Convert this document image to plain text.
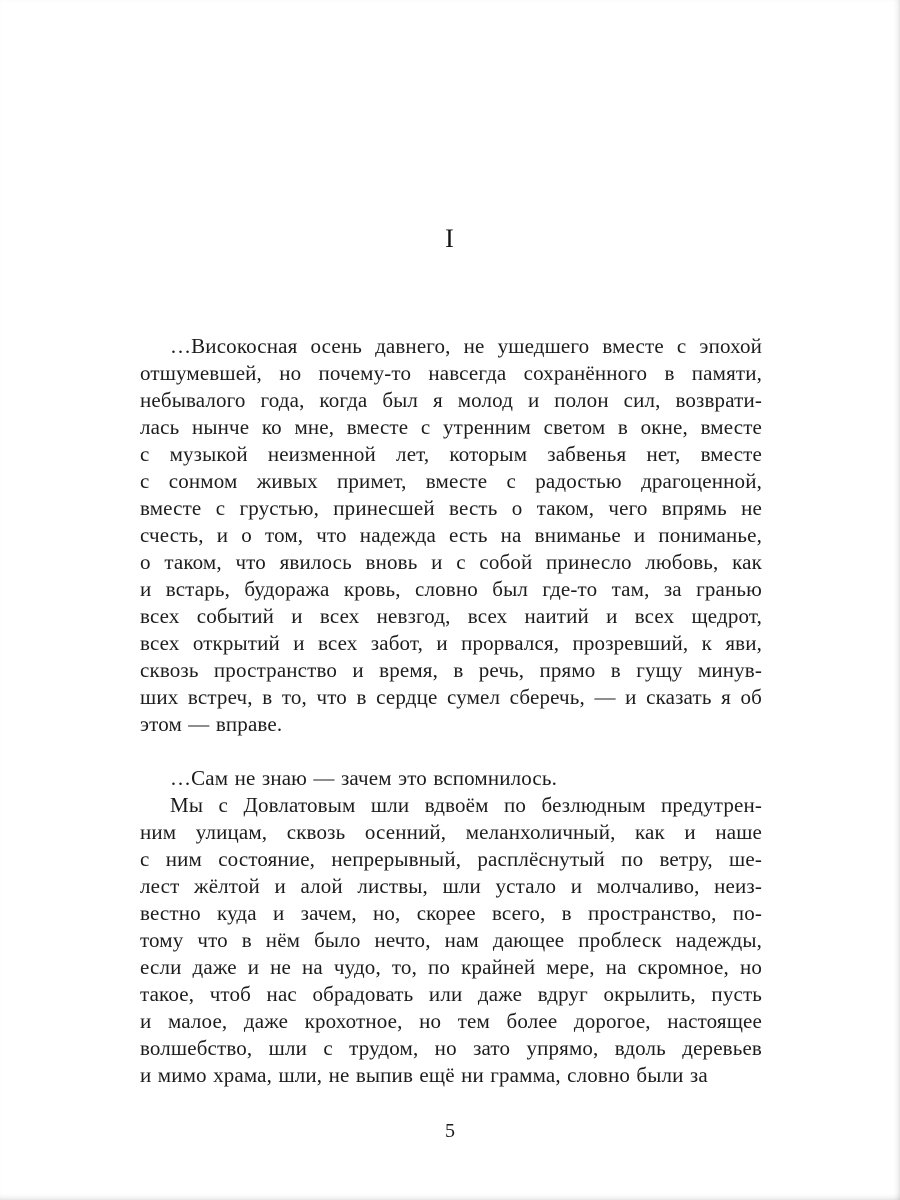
I
…Високосная осень давнего, не ушедшего вместе с эпохой
отшумевшей, но почему-то навсегда сохранённого в памяти,
небывалого года, когда был я молод и полон сил, возврати-
лась нынче ко мне, вместе с утренним светом в окне, вместе
с музыкой неизменной лет, которым забвенья нет, вместе
с сонмом живых примет, вместе с радостью драгоценной,
вместе с грустью, принесшей весть о таком, чего впрямь не
счесть, и о том, что надежда есть на вниманье и пониманье,
о таком, что явилось вновь и с собой принесло любовь, как
и встарь, будоража кровь, словно был где-то там, за гранью
всех событий и всех невзгод, всех наитий и всех щедрот,
всех открытий и всех забот, и прорвался, прозревший, к яви,
сквозь пространство и время, в речь, прямо в гущу минув-
ших встреч, в то, что в сердце сумел сберечь, — и сказать я об
этом — вправе.
…Сам не знаю — зачем это вспомнилось.
Мы с Довлатовым шли вдвоём по безлюдным предутрен-
ним улицам, сквозь осенний, меланхоличный, как и наше
с ним состояние, непрерывный, расплёснутый по ветру, ше-
лест жёлтой и алой листвы, шли устало и молчаливо, неиз-
вестно куда и зачем, но, скорее всего, в пространство, по-
тому что в нём было нечто, нам дающее проблеск надежды,
если даже и не на чудо, то, по крайней мере, на скромное, но
такое, чтоб нас обрадовать или даже вдруг окрылить, пусть
и малое, даже крохотное, но тем более дорогое, настоящее
волшебство, шли с трудом, но зато упрямо, вдоль деревьев
и мимо храма, шли, не выпив ещё ни грамма, словно были за
5
